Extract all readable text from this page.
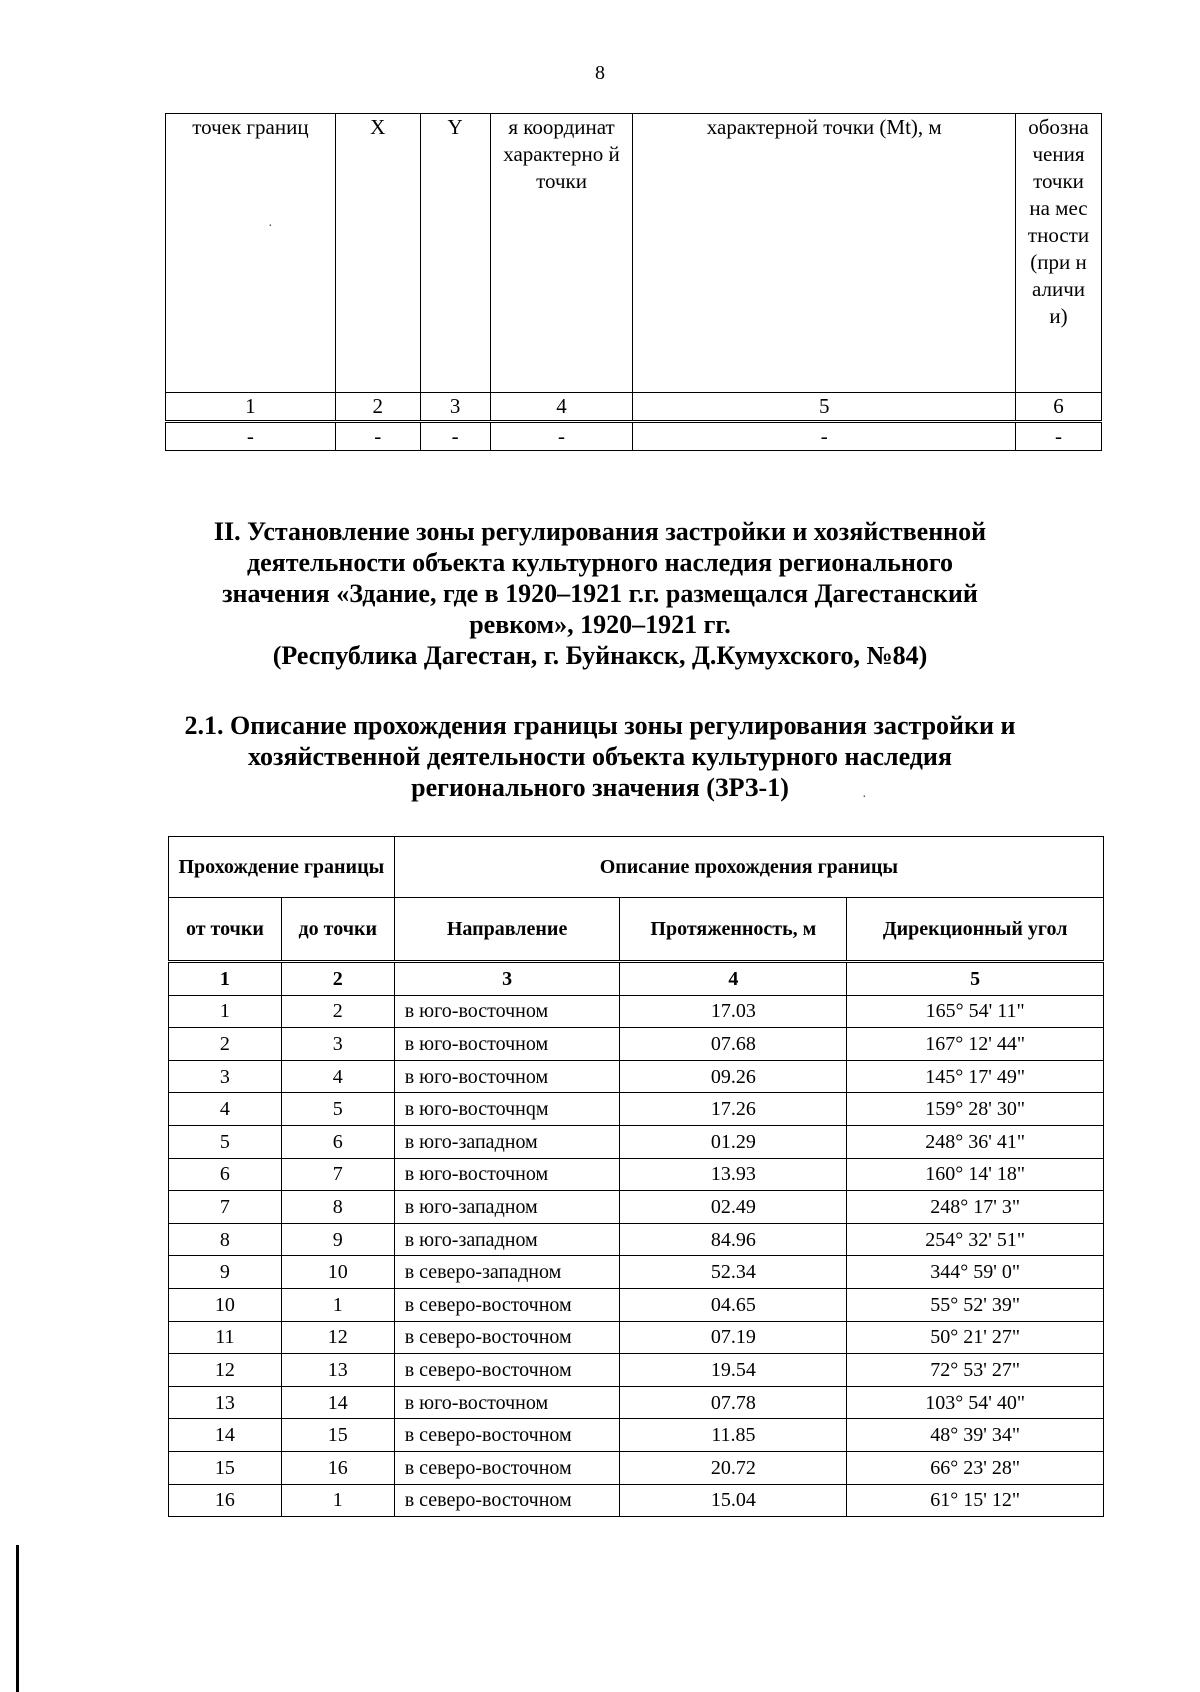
8
точек границ	X	Y	я координат характерно й точки	характерной точки (Mt), м	обозначения точки на местности (при наличии)
1	2	3	4	5	6
-	-	-	-	-	-
II. Установление зоны регулирования застройки и хозяйственной
деятельности объекта культурного наследия регионального
значения «Здание, где в 1920–1921 г.г. размещался Дагестанский
ревком», 1920–1921 гг.
(Республика Дагестан, г. Буйнакск, Д.Кумухского, №84)
2.1. Описание прохождения границы зоны регулирования застройки и
хозяйственной деятельности объекта культурного наследия
регионального значения (ЗРЗ-1)
Прохождение границы		Описание прохождения границы		
от точки	до точки	Направление	Протяженность, м	Дирекционный угол
1	2	3	4	5
1	2	в юго-восточном	17.03	165° 54' 11"
2	3	в юго-восточном	07.68	167° 12' 44"
3	4	в юго-восточном	09.26	145° 17' 49"
4	5	в юго-восточнqм	17.26	159° 28' 30"
5	6	в юго-западном	01.29	248° 36' 41"
6	7	в юго-восточном	13.93	160° 14' 18"
7	8	в юго-западном	02.49	248° 17' 3"
8	9	в юго-западном	84.96	254° 32' 51"
9	10	в северо-западном	52.34	344° 59' 0"
10	1	в северо-восточном	04.65	55° 52' 39"
11	12	в северо-восточном	07.19	50° 21' 27"
12	13	в северо-восточном	19.54	72° 53' 27"
13	14	в юго-восточном	07.78	103° 54' 40"
14	15	в северо-восточном	11.85	48° 39' 34"
15	16	в северо-восточном	20.72	66° 23' 28"
16	1	в северо-восточном	15.04	61° 15' 12"
·
·
